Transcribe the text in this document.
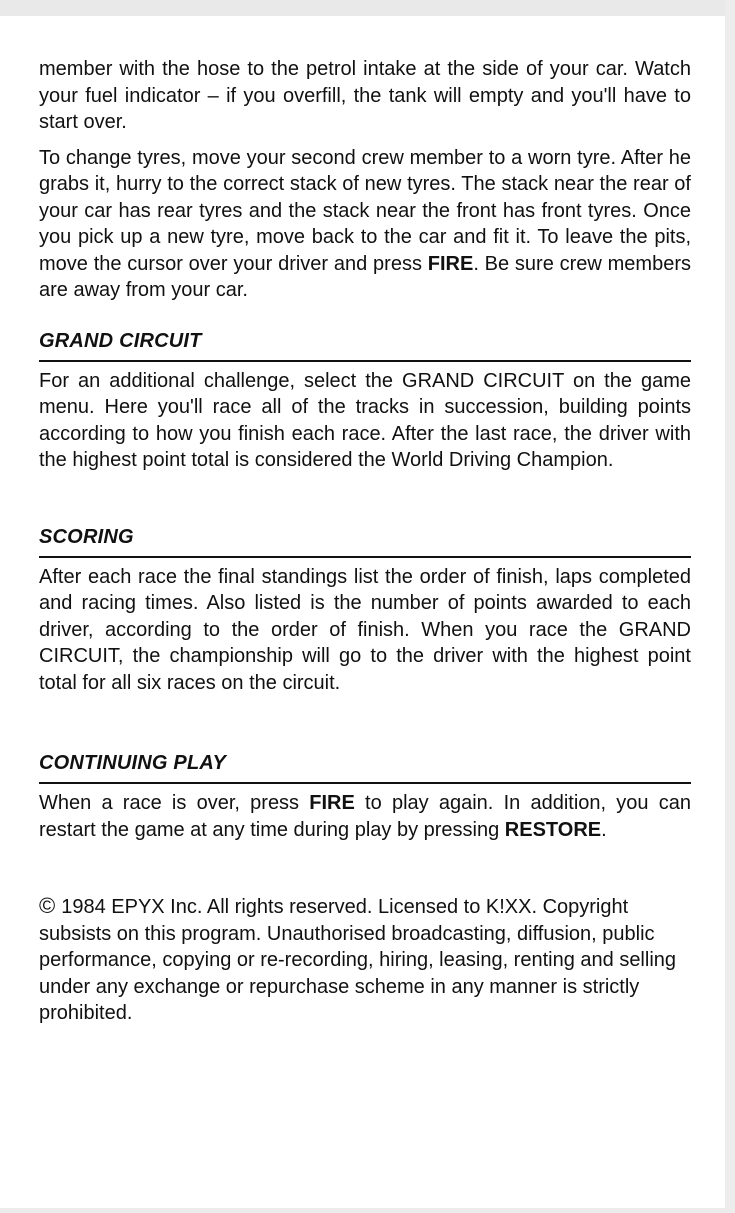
member with the hose to the petrol intake at the side of your car. Watch your fuel indicator – if you overfill, the tank will empty and you'll have to start over.

To change tyres, move your second crew member to a worn tyre. After he grabs it, hurry to the correct stack of new tyres. The stack near the rear of your car has rear tyres and the stack near the front has front tyres. Once you pick up a new tyre, move back to the car and fit it. To leave the pits, move the cursor over your driver and press FIRE. Be sure crew members are away from your car.

GRAND CIRCUIT

For an additional challenge, select the GRAND CIRCUIT on the game menu. Here you'll race all of the tracks in succession, building points according to how you finish each race. After the last race, the driver with the highest point total is considered the World Driving Champion.

SCORING

After each race the final standings list the order of finish, laps completed and racing times. Also listed is the number of points awarded to each driver, according to the order of finish. When you race the GRAND CIRCUIT, the championship will go to the driver with the highest point total for all six races on the circuit.

CONTINUING PLAY

When a race is over, press FIRE to play again. In addition, you can restart the game at any time during play by pressing RESTORE.

© 1984 EPYX Inc. All rights reserved. Licensed to K!XX. Copyright subsists on this program. Unauthorised broadcasting, diffusion, public performance, copying or re-recording, hiring, leasing, renting and selling under any exchange or repurchase scheme in any manner is strictly prohibited.
